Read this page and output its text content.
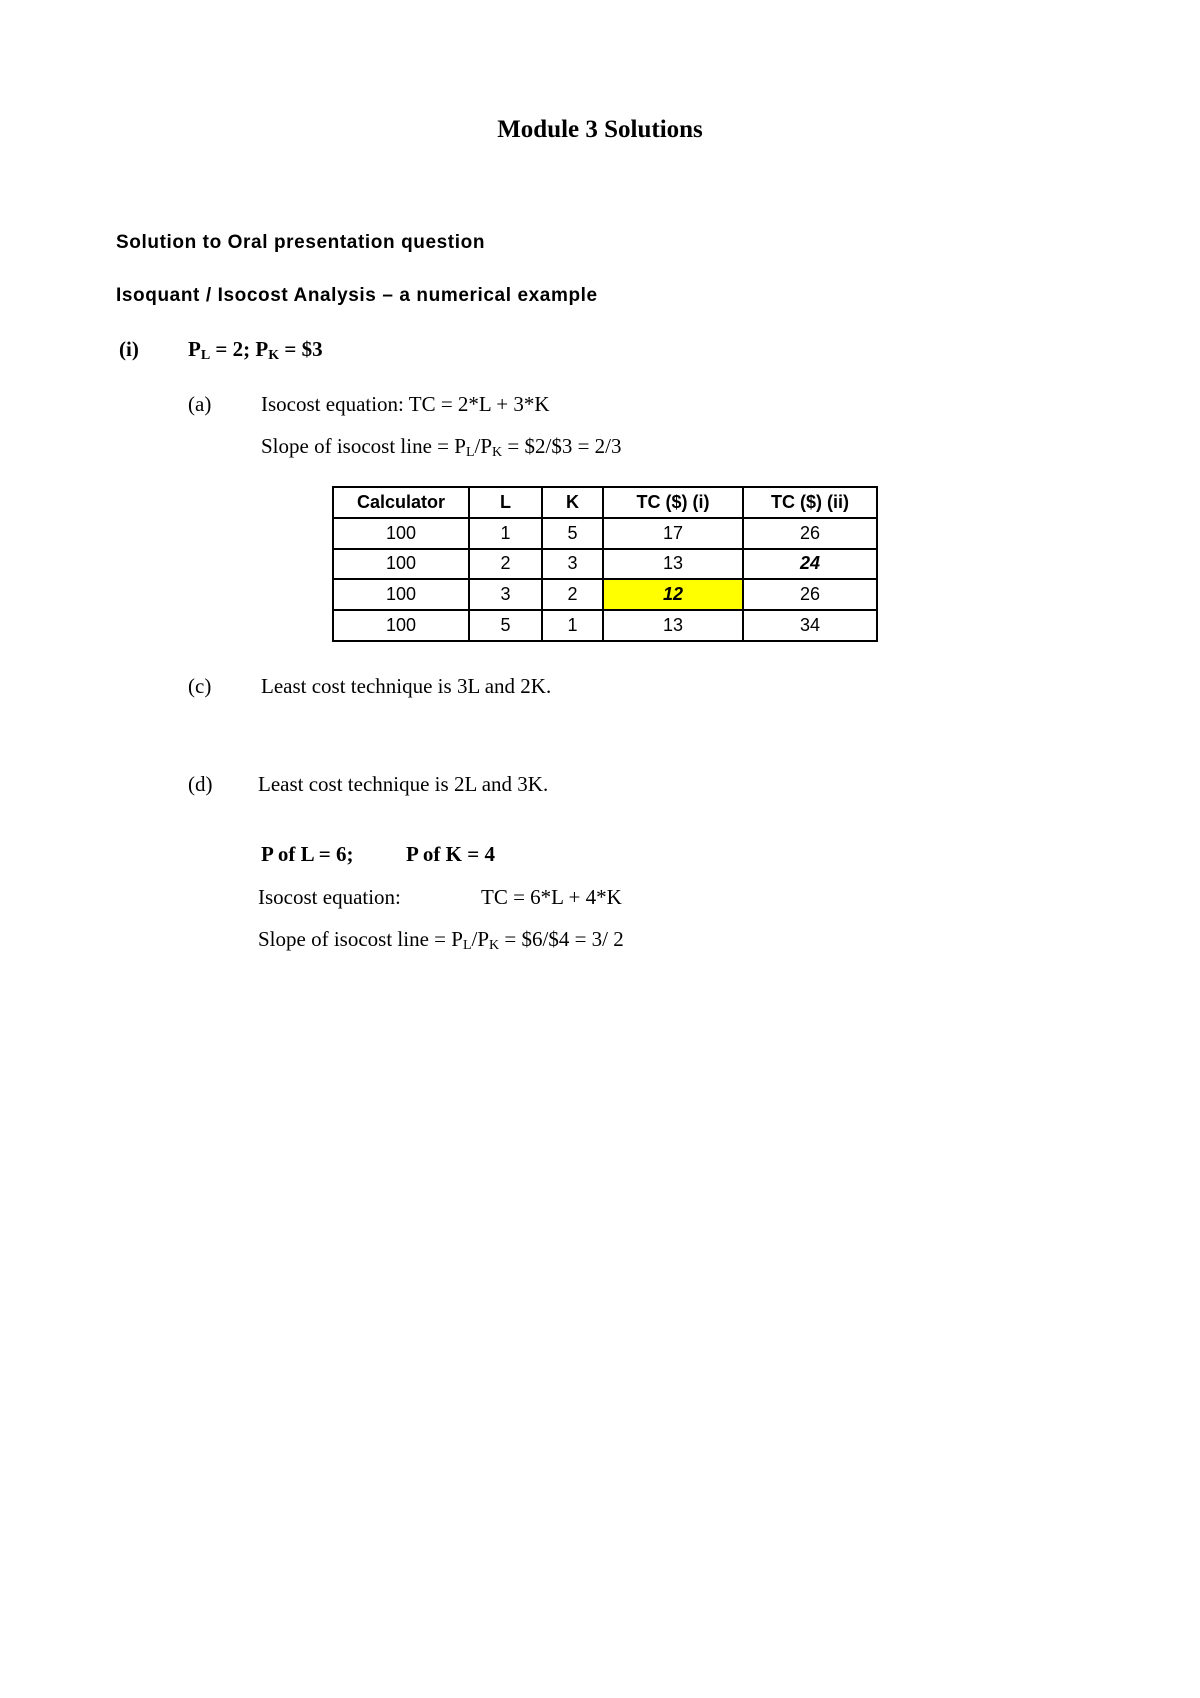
Module 3 Solutions
Solution to Oral presentation question
Isoquant / Isocost Analysis – a numerical example
(i) $P_L = 2$; $P_K$ = $3
(a) Isocost equation: TC = 2*L + 3*K
Slope of isocost line = $P_L/P_K$ = $2/$3 = 2/3
Calculator	L	K	TC ($) (i)	TC ($) (ii)
100	1	5	17	26
100	2	3	13	24
100	3	2	12	26
100	5	1	13	34
(c) Least cost technique is 3L and 2K.
(d) Least cost technique is 2L and 3K.
P of L = 6;	P of K = 4
Isocost equation:	TC = 6*L + 4*K
Slope of isocost line = $P_L/P_K$ = $6/$4 = 3/ 2
